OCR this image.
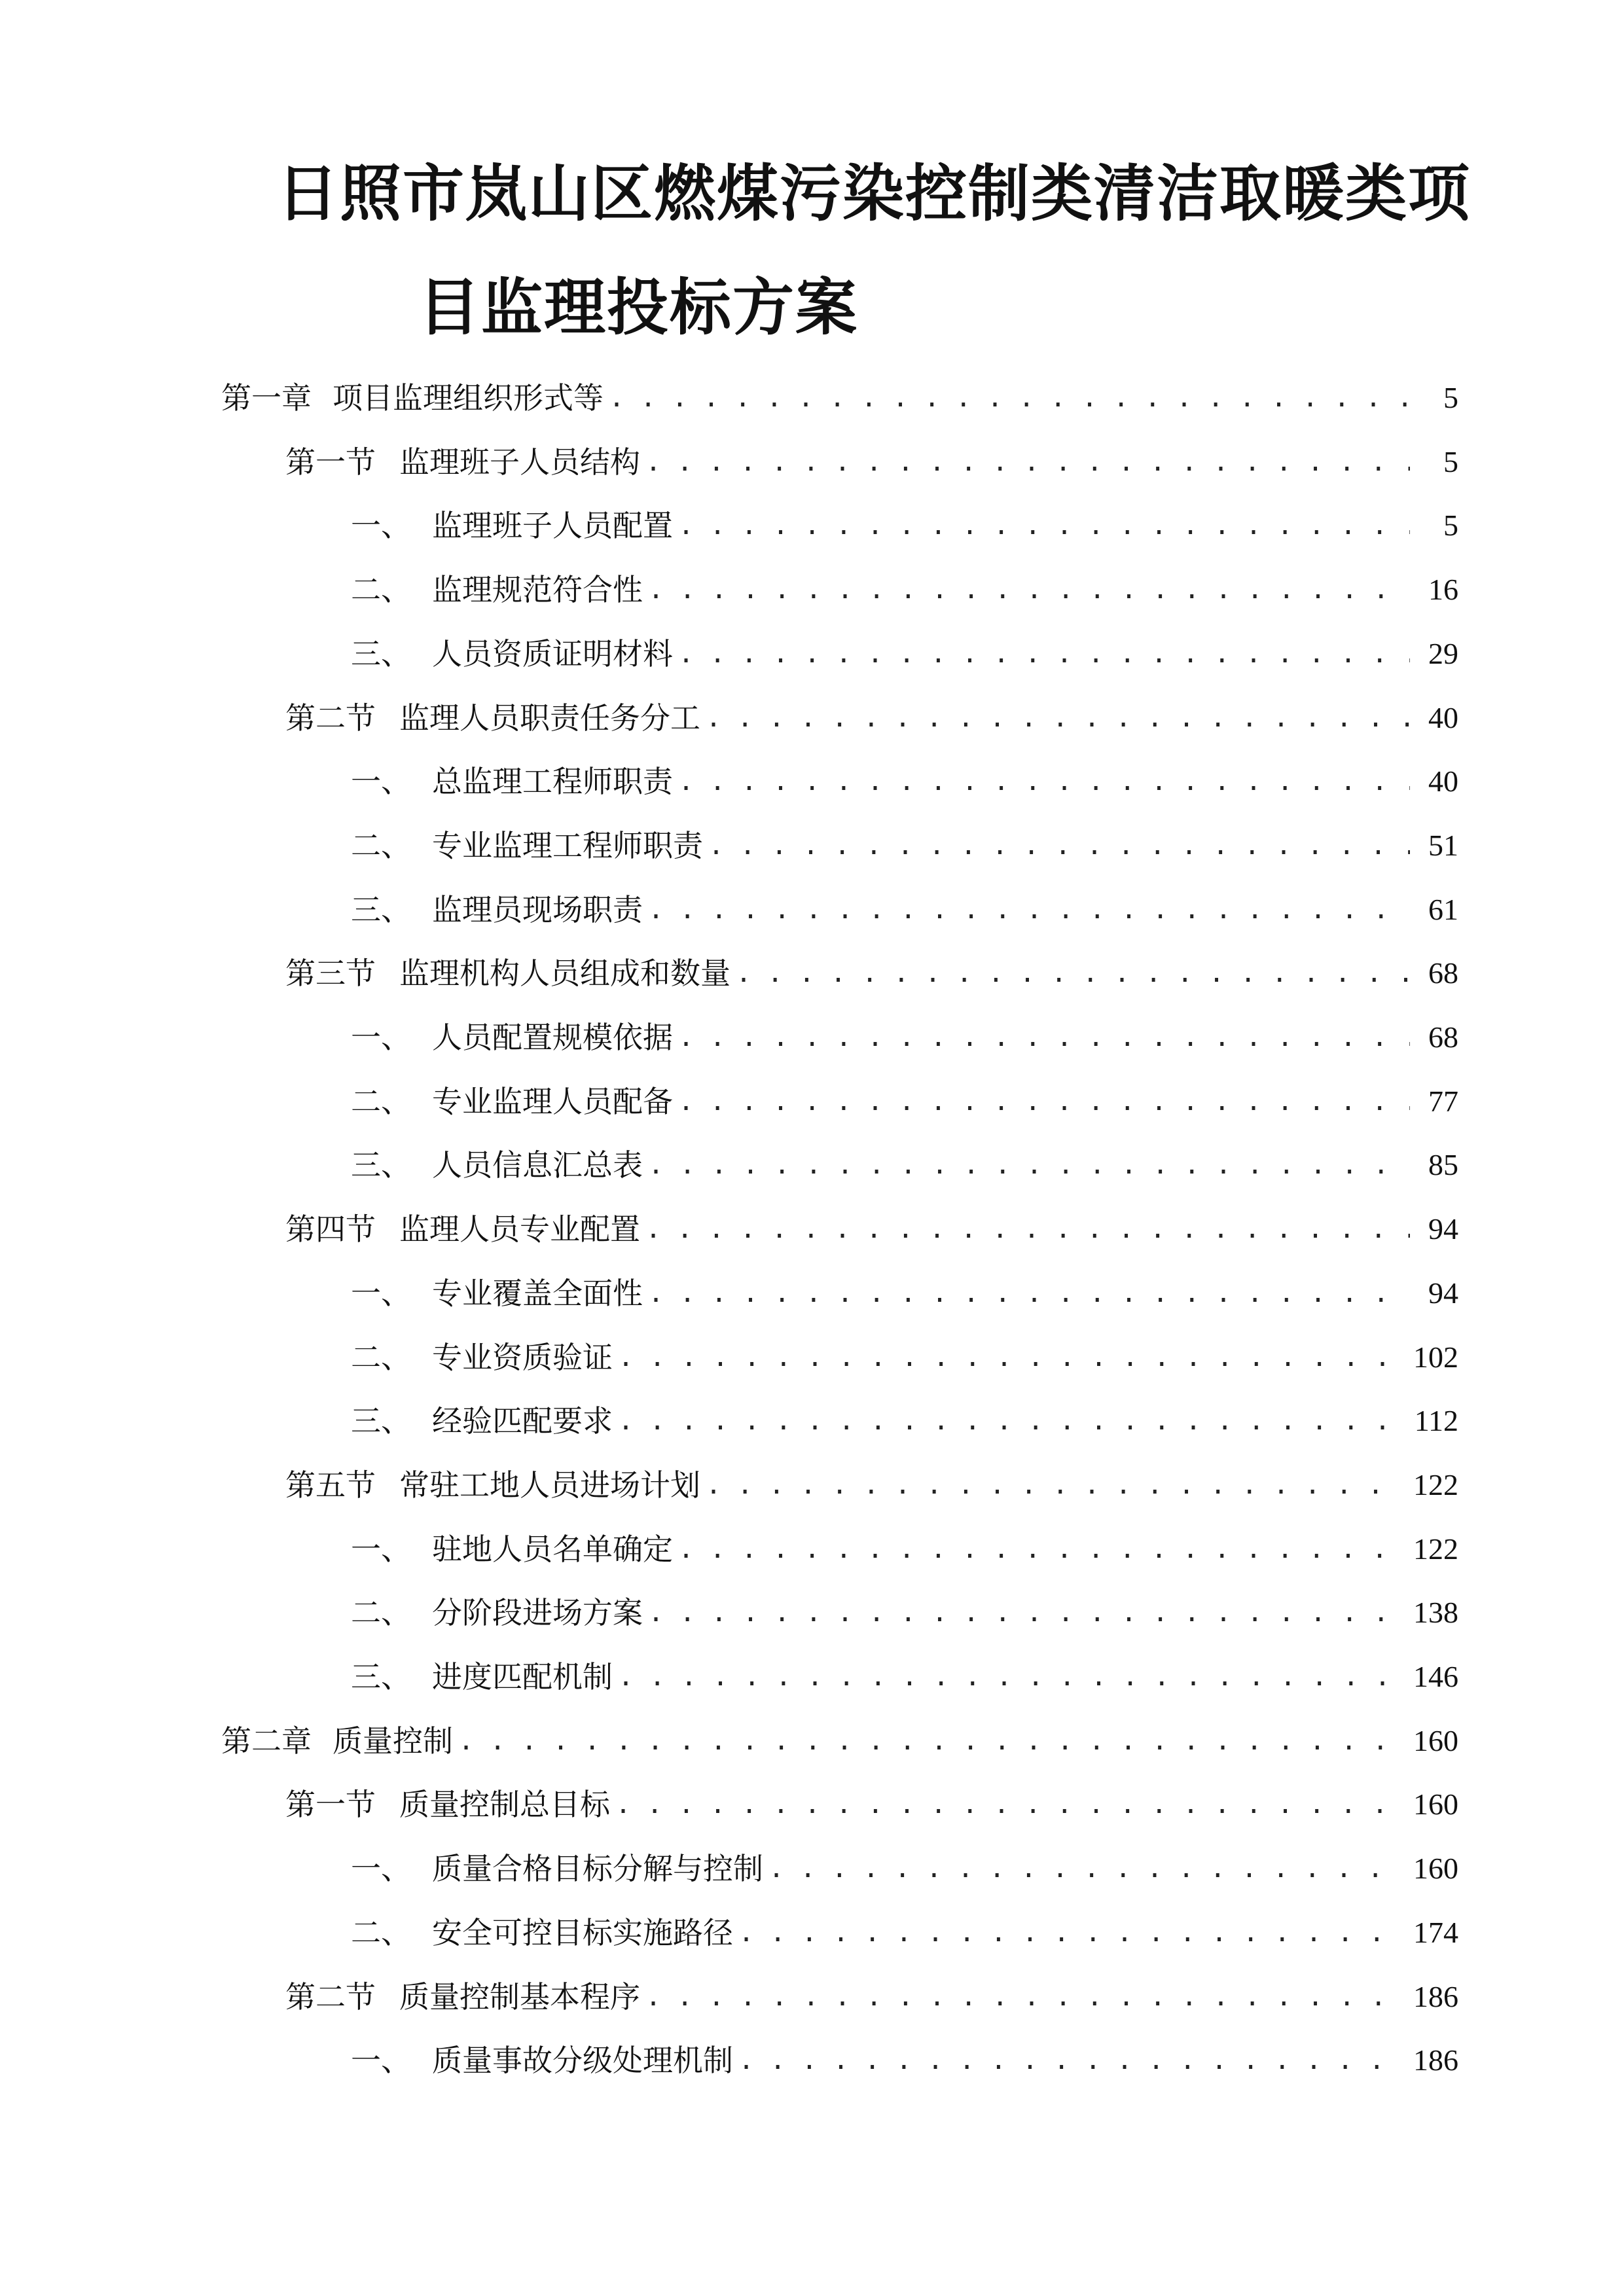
日照市岚山区燃煤污染控制类清洁取暖类项
目监理投标方案
第一章 项目监理组织形式等 . . .	5
第一节 监理班子人员结构 . . .	5
一、 监理班子人员配置 . . .	5
二、 监理规范符合性 . . .	16
三、 人员资质证明材料 . . .	29
第二节 监理人员职责任务分工 . . .	40
一、 总监理工程师职责 . . .	40
二、 专业监理工程师职责 . . .	51
三、 监理员现场职责 . . .	61
第三节 监理机构人员组成和数量 . . .	68
一、 人员配置规模依据 . . .	68
二、 专业监理人员配备 . . .	77
三、 人员信息汇总表 . . .	85
第四节 监理人员专业配置 . . .	94
一、 专业覆盖全面性 . . .	94
二、 专业资质验证 . . .	102
三、 经验匹配要求 . . .	112
第五节 常驻工地人员进场计划 . . .	122
一、 驻地人员名单确定 . . .	122
二、 分阶段进场方案 . . .	138
三、 进度匹配机制 . . .	146
第二章 质量控制 . . .	160
第一节 质量控制总目标 . . .	160
一、 质量合格目标分解与控制 . . .	160
二、 安全可控目标实施路径 . . .	174
第二节 质量控制基本程序 . . .	186
一、 质量事故分级处理机制 . . .	186
